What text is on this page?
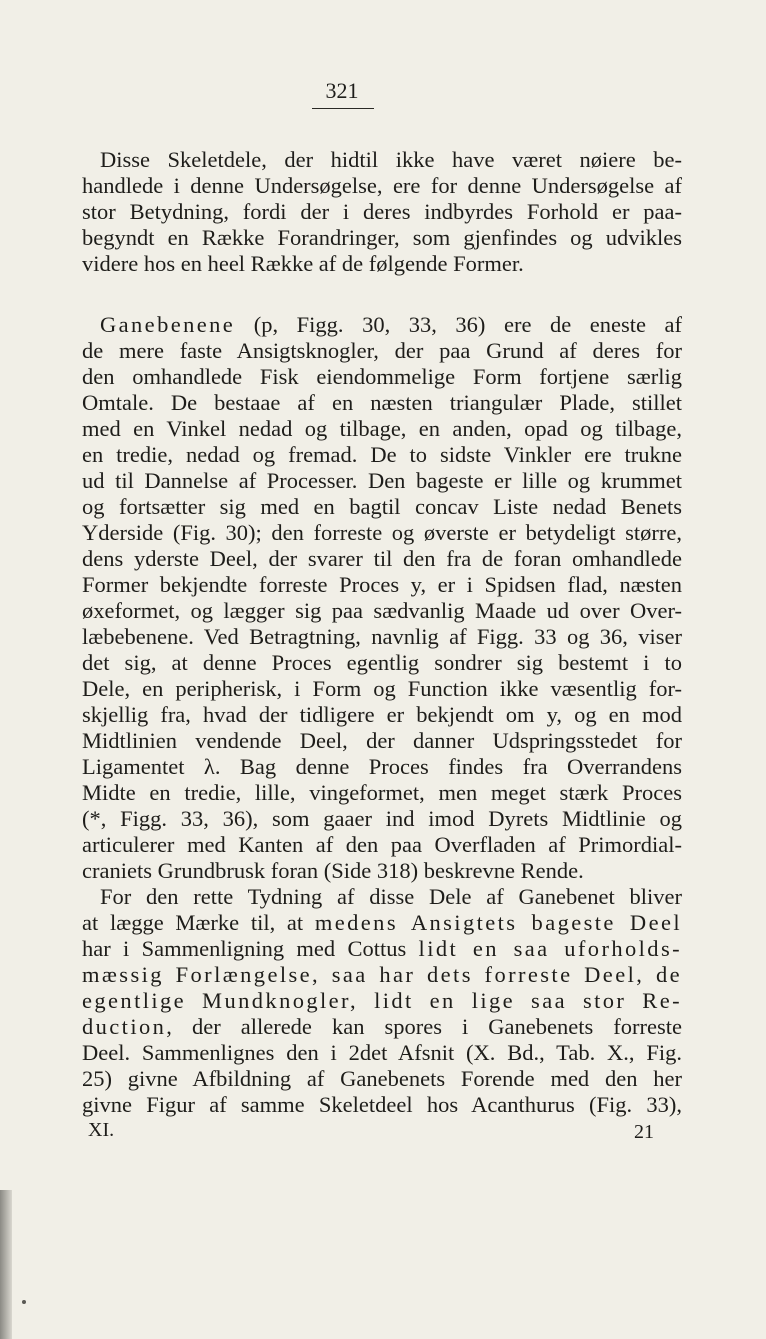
321
Disse Skeletdele, der hidtil ikke have været nøiere be-
handlede i denne Undersøgelse, ere for denne Undersøgelse af
stor Betydning, fordi der i deres indbyrdes Forhold er paa-
begyndt en Række Forandringer, som gjenfindes og udvikles
videre hos en heel Række af de følgende Former.
Ganebenene (p, Figg. 30, 33, 36) ere de eneste af
de mere faste Ansigtsknogler, der paa Grund af deres for
den omhandlede Fisk eiendommelige Form fortjene særlig
Omtale. De bestaae af en næsten triangulær Plade, stillet
med en Vinkel nedad og tilbage, en anden, opad og tilbage,
en tredie, nedad og fremad. De to sidste Vinkler ere trukne
ud til Dannelse af Processer. Den bageste er lille og krummet
og fortsætter sig med en bagtil concav Liste nedad Benets
Yderside (Fig. 30); den forreste og øverste er betydeligt større,
dens yderste Deel, der svarer til den fra de foran omhandlede
Former bekjendte forreste Proces y, er i Spidsen flad, næsten
øxeformet, og lægger sig paa sædvanlig Maade ud over Over-
læbebenene. Ved Betragtning, navnlig af Figg. 33 og 36, viser
det sig, at denne Proces egentlig sondrer sig bestemt i to
Dele, en peripherisk, i Form og Function ikke væsentlig for-
skjellig fra, hvad der tidligere er bekjendt om y, og en mod
Midtlinien vendende Deel, der danner Udspringsstedet for
Ligamentet λ. Bag denne Proces findes fra Overrandens
Midte en tredie, lille, vingeformet, men meget stærk Proces
(*, Figg. 33, 36), som gaaer ind imod Dyrets Midtlinie og
articulerer med Kanten af den paa Overfladen af Primordial-
craniets Grundbrusk foran (Side 318) beskrevne Rende.
For den rette Tydning af disse Dele af Ganebenet bliver
at lægge Mærke til, at medens Ansigtets bageste Deel
har i Sammenligning med Cottus lidt en saa uforholds-
mæssig Forlængelse, saa har dets forreste Deel, de
egentlige Mundknogler, lidt en lige saa stor Re-
duction, der allerede kan spores i Ganebenets forreste
Deel. Sammenlignes den i 2det Afsnit (X. Bd., Tab. X., Fig.
25) givne Afbildning af Ganebenets Forende med den her
givne Figur af samme Skeletdeel hos Acanthurus (Fig. 33),
XI.	21
